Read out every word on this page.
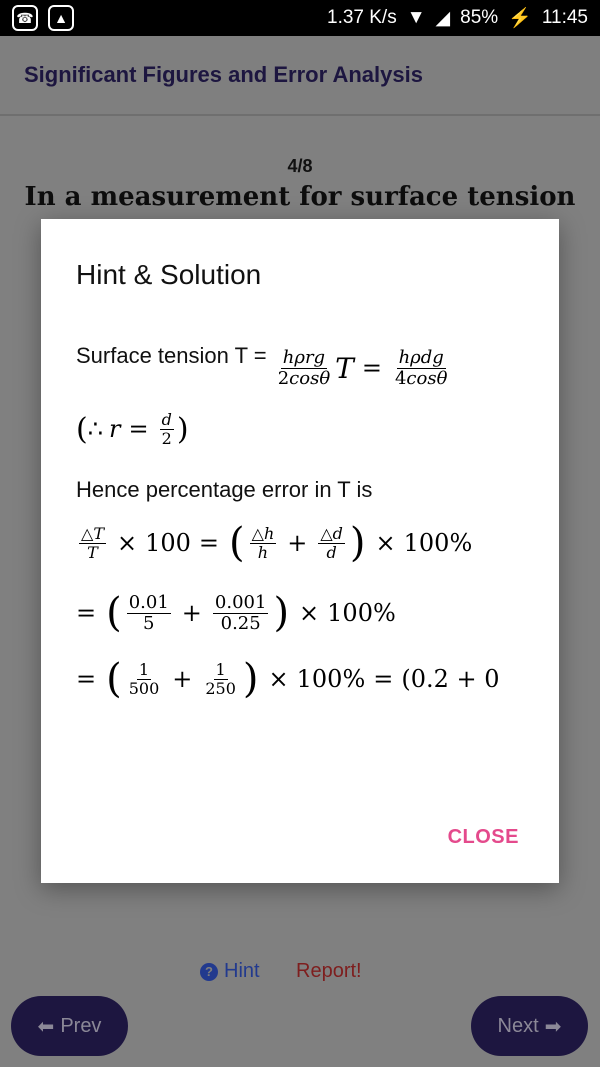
☎	▲	1.37 K/s ▼ ◢ 85% ⚡ 11:45
Significant Figures and Error Analysis
4/8
In a measurement for surface tension
Hint & Solution
Surface tension $T = \frac{\text{hρrg}}{2\cos\theta}$ $T = \frac{\text{hρdg}}{4\cos\theta}$
( ∴ $r = \frac{d}{2}$ )
Hence percentage error in T is
$\frac{\triangle T}{T} \times 100$ = ( $\frac{\triangle h}{h} + \frac{\triangle d}{d}$ ) × 100%
= ( $\frac{0.01}{5} + \frac{0.001}{0.25}$ ) × 100%
= ( $\frac{1}{500} + \frac{1}{250}$ ) × 100% = (0.2 + 0
CLOSE
? Hint Report!
⬅ Prev	Next ➡
